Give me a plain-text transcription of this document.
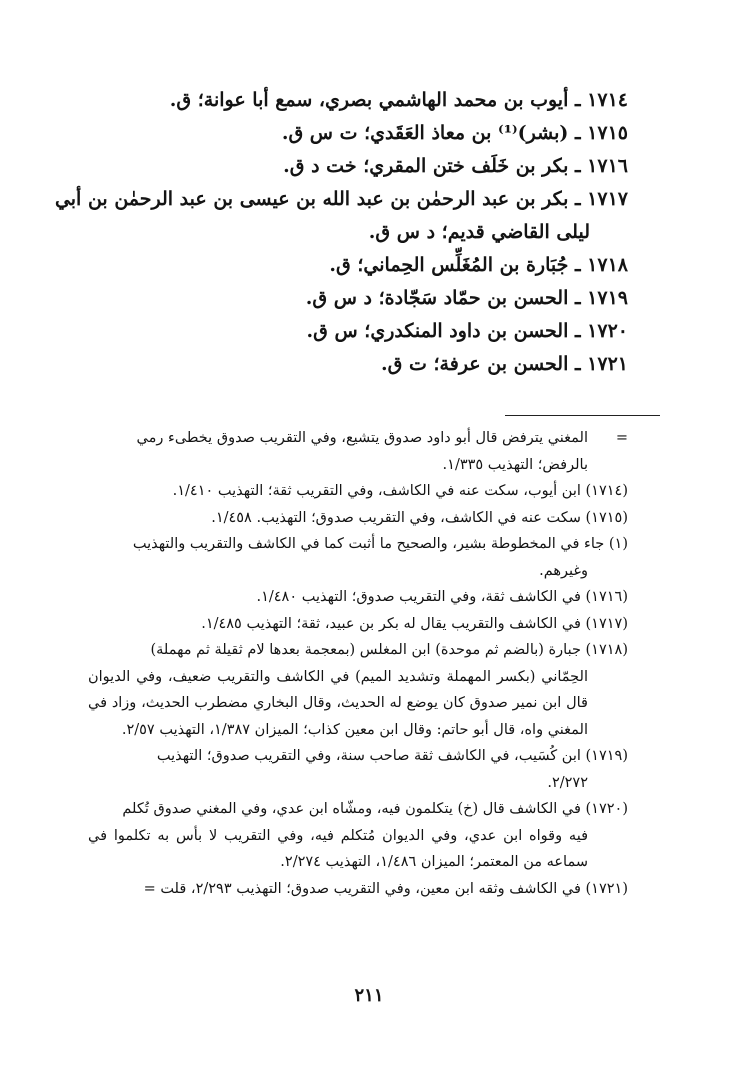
١٧١٤ ـ أيوب بن محمد الهاشمي بصري، سمع أبا عوانة؛ ق.

١٧١٥ ـ (بشر)⁽¹⁾ بن معاذ العَقَدي؛ ت س ق.

١٧١٦ ـ بكر بن خَلَف ختن المقري؛ خت د ق.

١٧١٧ ـ بكر بن عبد الرحمٰن بن عبد الله بن عيسى بن عبد الرحمٰن بن أبي
ليلى القاضي قديم؛ د س ق.

١٧١٨ ـ جُبَارة بن المُغَلِّس الحِماني؛ ق.

١٧١٩ ـ الحسن بن حمّاد سَجّادة؛ د س ق.

١٧٢٠ ـ الحسن بن داود المنكدري؛ س ق.

١٧٢١ ـ الحسن بن عرفة؛ ت ق.

=المغني يترفض قال أبو داود صدوق يتشيع، وفي التقريب صدوق يخطىء رمي
بالرفض؛ التهذيب ١/٣٣٥.

(١٧١٤) ابن أيوب، سكت عنه في الكاشف، وفي التقريب ثقة؛ التهذيب ١/٤١٠.

(١٧١٥) سكت عنه في الكاشف، وفي التقريب صدوق؛ التهذيب. ١/٤٥٨.

(١) جاء في المخطوطة بشير، والصحيح ما أثبت كما في الكاشف والتقريب والتهذيب
وغيرهم.

(١٧١٦) في الكاشف ثقة، وفي التقريب صدوق؛ التهذيب ١/٤٨٠.

(١٧١٧) في الكاشف والتقريب يقال له بكر بن عبيد، ثقة؛ التهذيب ١/٤٨٥.

(١٧١٨) جبارة (بالضم ثم موحدة) ابن المغلس (بمعجمة بعدها لام ثقيلة ثم مهملة)
الحِمّاني (بكسر المهملة وتشديد الميم) في الكاشف والتقريب ضعيف، وفي الديوان قال ابن نمير صدوق كان يوضع له الحديث، وقال البخاري مضطرب الحديث، وزاد في المغني واه، قال أبو حاتم: وقال ابن معين كذاب؛ الميزان ١/٣٨٧، التهذيب ٢/٥٧.

(١٧١٩) ابن كُسَيب، في الكاشف ثقة صاحب سنة، وفي التقريب صدوق؛ التهذيب
٢/٢٧٢.

(١٧٢٠) في الكاشف قال (خ) يتكلمون فيه، ومشّاه ابن عدي، وفي المغني صدوق تُكلم
فيه وقواه ابن عدي، وفي الديوان مُتكلم فيه، وفي التقريب لا بأس به تكلموا في سماعه من المعتمر؛ الميزان ١/٤٨٦، التهذيب ٢/٢٧٤.

(١٧٢١) في الكاشف وثقه ابن معين، وفي التقريب صدوق؛ التهذيب ٢/٢٩٣، قلت =

٢١١
